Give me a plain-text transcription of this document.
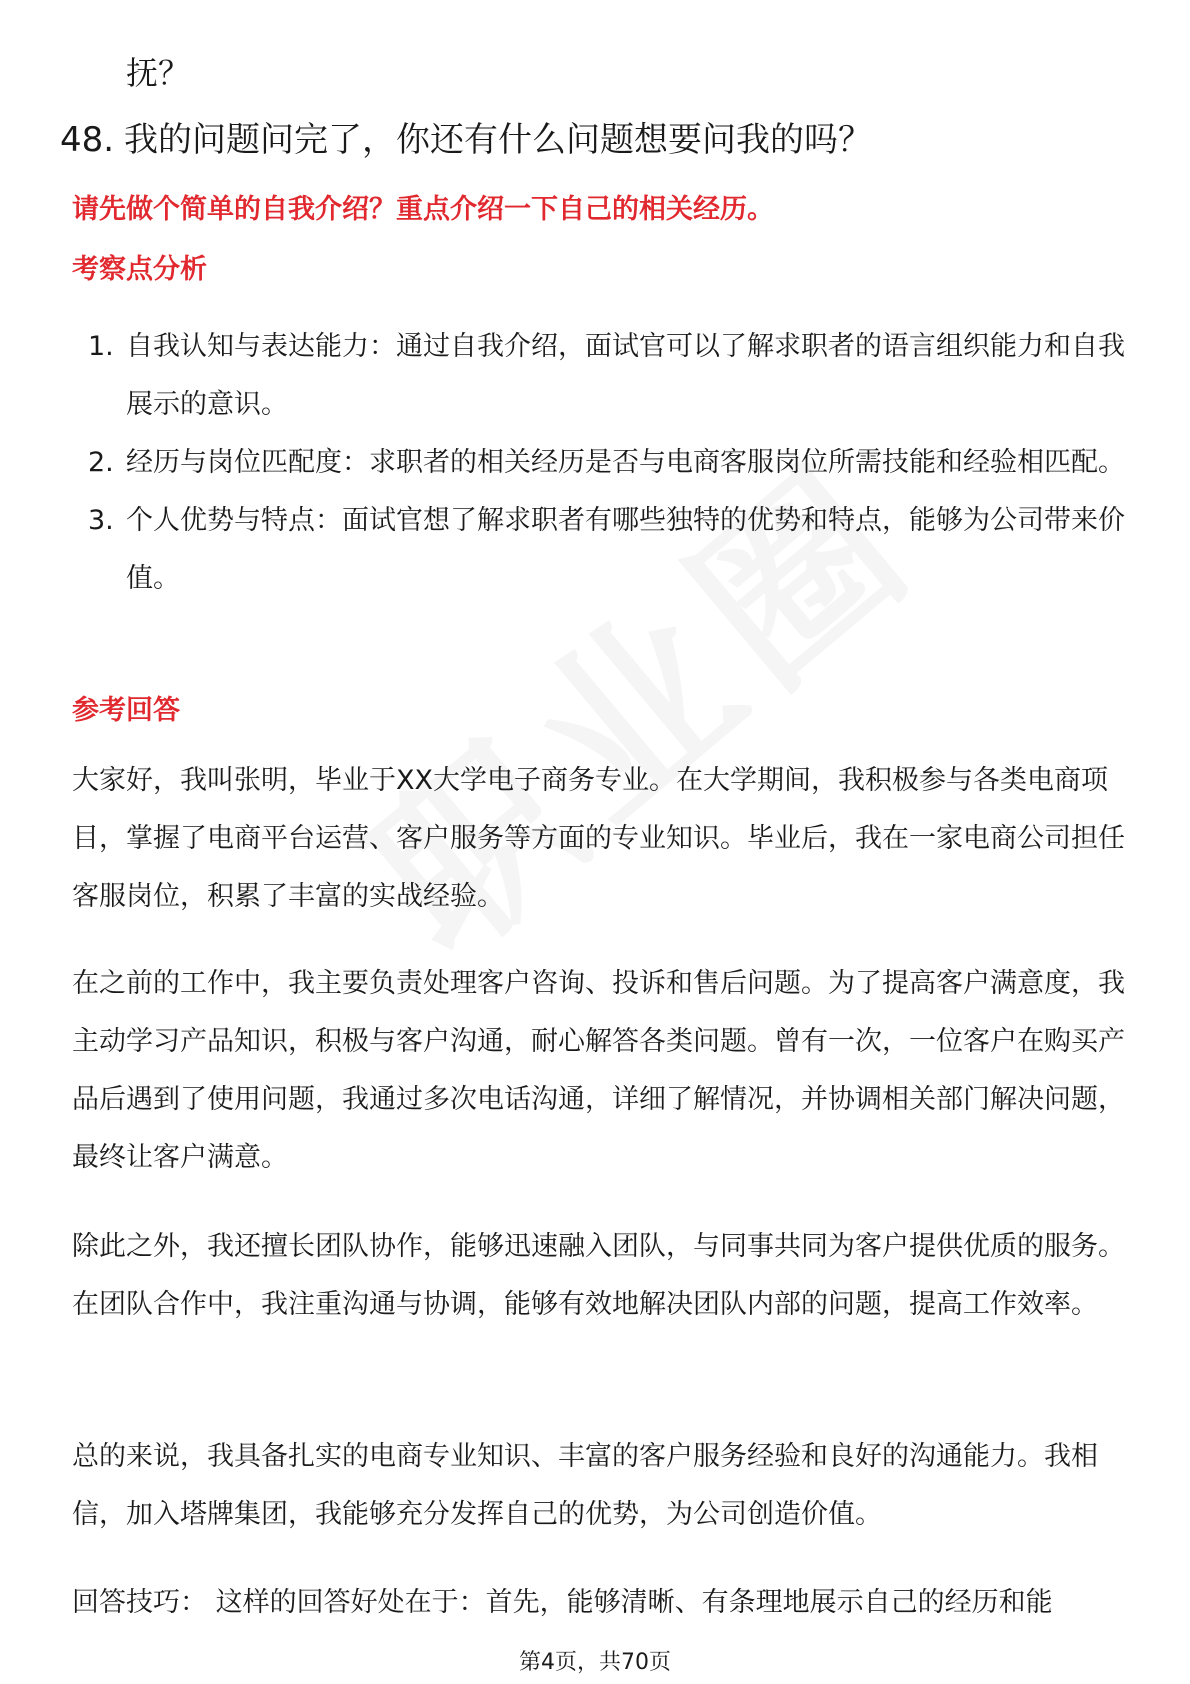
抚？
48. 我的问题问完了，你还有什么问题想要问我的吗？
请先做个简单的自我介绍？重点介绍一下自己的相关经历。
考察点分析
1. 自我认知与表达能力：通过自我介绍，面试官可以了解求职者的语言组织能力和自我展示的意识。
2. 经历与岗位匹配度：求职者的相关经历是否与电商客服岗位所需技能和经验相匹配。
3. 个人优势与特点：面试官想了解求职者有哪些独特的优势和特点，能够为公司带来价值。
参考回答

大家好，我叫张明，毕业于XX大学电子商务专业。在大学期间，我积极参与各类电商项目，掌握了电商平台运营、客户服务等方面的专业知识。毕业后，我在一家电商公司担任客服岗位，积累了丰富的实战经验。

在之前的工作中，我主要负责处理客户咨询、投诉和售后问题。为了提高客户满意度，我主动学习产品知识，积极与客户沟通，耐心解答各类问题。曾有一次，一位客户在购买产品后遇到了使用问题，我通过多次电话沟通，详细了解情况，并协调相关部门解决问题，最终让客户满意。

除此之外，我还擅长团队协作，能够迅速融入团队，与同事共同为客户提供优质的服务。在团队合作中，我注重沟通与协调，能够有效地解决团队内部的问题，提高工作效率。

总的来说，我具备扎实的电商专业知识、丰富的客户服务经验和良好的沟通能力。我相信，加入塔牌集团，我能够充分发挥自己的优势，为公司创造价值。

回答技巧： 这样的回答好处在于：首先，能够清晰、有条理地展示自己的经历和能

第4页，共70页
